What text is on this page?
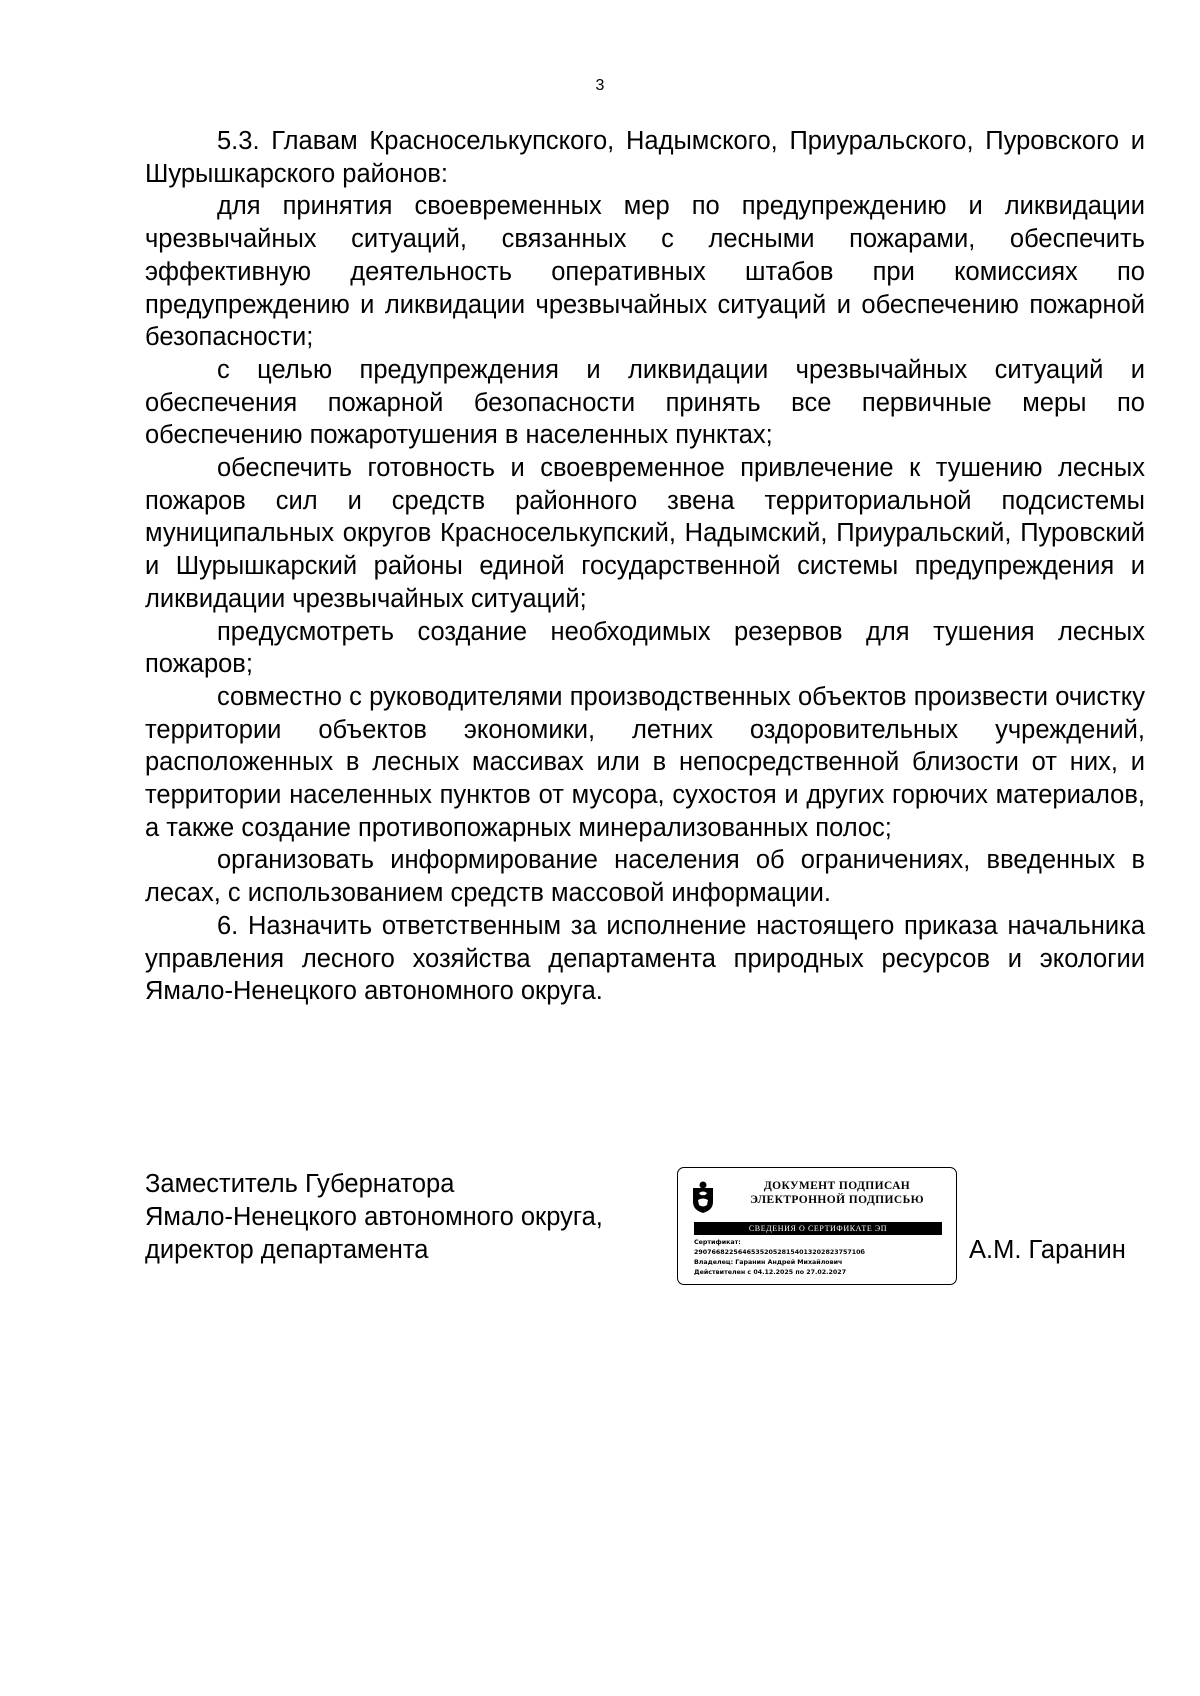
3

5.3. Главам Красноселькупского, Надымского, Приуральского, Пуровского и Шурышкарского районов:

для принятия своевременных мер по предупреждению и ликвидации чрезвычайных ситуаций, связанных с лесными пожарами, обеспечить эффективную деятельность оперативных штабов при комиссиях по предупреждению и ликвидации чрезвычайных ситуаций и обеспечению пожарной безопасности;

с целью предупреждения и ликвидации чрезвычайных ситуаций и обеспечения пожарной безопасности принять все первичные меры по обеспечению пожаротушения в населенных пунктах;

обеспечить готовность и своевременное привлечение к тушению лесных пожаров сил и средств районного звена территориальной подсистемы муниципальных округов Красноселькупский, Надымский, Приуральский, Пуровский и Шурышкарский районы единой государственной системы предупреждения и ликвидации чрезвычайных ситуаций;

предусмотреть создание необходимых резервов для тушения лесных пожаров;

совместно с руководителями производственных объектов произвести очистку территории объектов экономики, летних оздоровительных учреждений, расположенных в лесных массивах или в непосредственной близости от них, и территории населенных пунктов от мусора, сухостоя и других горючих материалов, а также создание противопожарных минерализованных полос;

организовать информирование населения об ограничениях, введенных в лесах, с использованием средств массовой информации.

6. Назначить ответственным за исполнение настоящего приказа начальника управления лесного хозяйства департамента природных ресурсов и экологии Ямало-Ненецкого автономного округа.

Заместитель Губернатора
Ямало-Ненецкого автономного округа,
директор департамента
ДОКУМЕНТ ПОДПИСАН
ЭЛЕКТРОННОЙ ПОДПИСЬЮ
СВЕДЕНИЯ О СЕРТИФИКАТЕ ЭП
Сертификат:
29076682256465352052815401320282375710б
Владелец: Гаранин Андрей Михайлович
Действителен с 04.12.2025 по 27.02.2027
А.М. Гаранин
